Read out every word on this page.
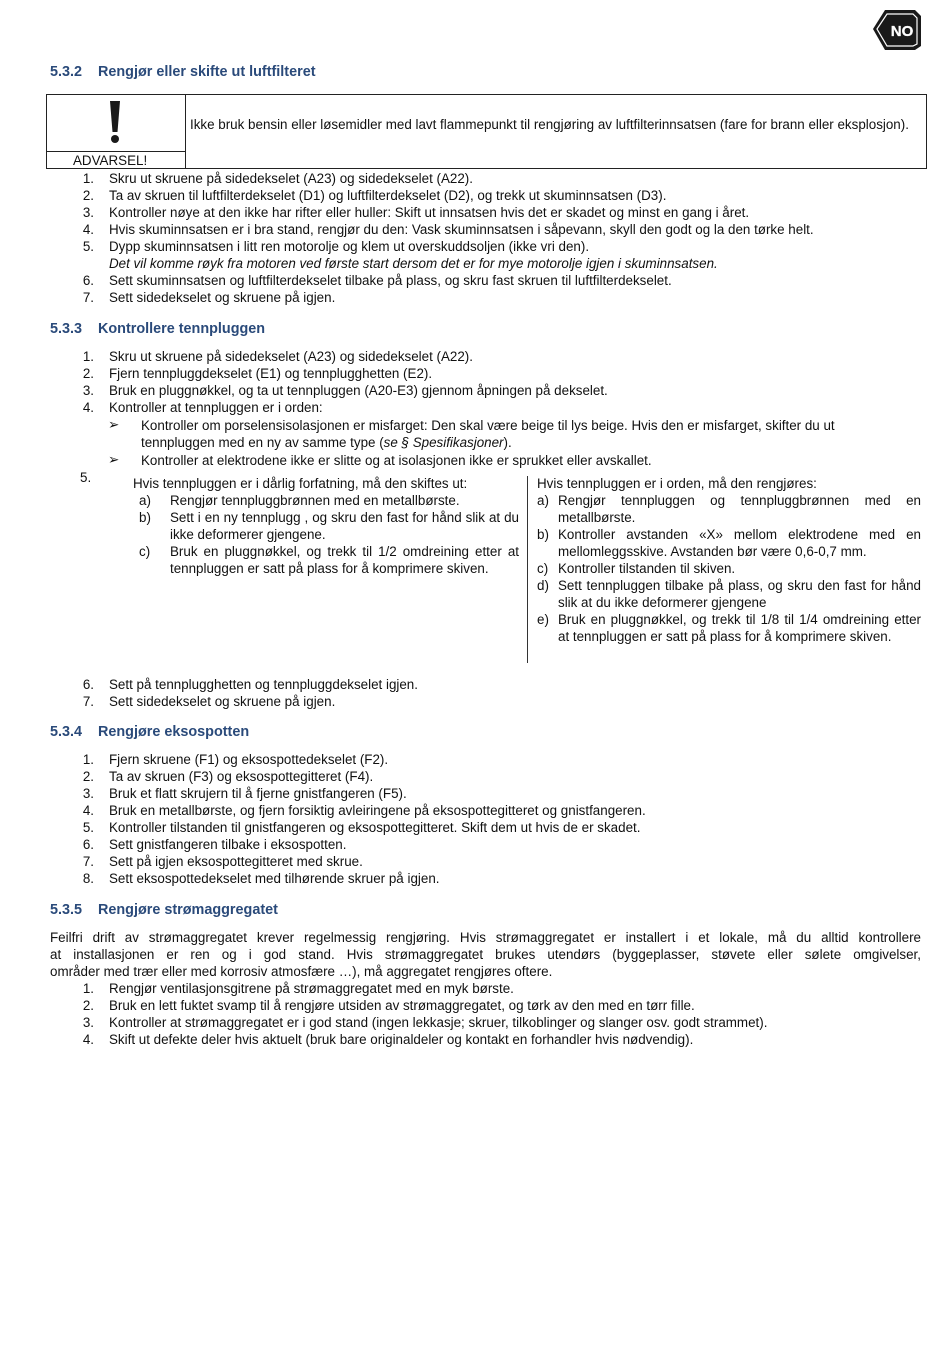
NO
5.3.2 Rengjør eller skifte ut luftfilteret
ADVARSEL!
Ikke bruk bensin eller løsemidler med lavt flammepunkt til rengjøring av luftfilterinnsatsen (fare for brann eller eksplosjon).
1. Skru ut skruene på sidedekselet (A23) og sidedekselet (A22).
2. Ta av skruen til luftfilterdekselet (D1) og luftfilterdekselet (D2), og trekk ut skuminnsatsen (D3).
3. Kontroller nøye at den ikke har rifter eller huller: Skift ut innsatsen hvis det er skadet og minst en gang i året.
4. Hvis skuminnsatsen er i bra stand, rengjør du den: Vask skuminnsatsen i såpevann, skyll den godt og la den tørke helt.
5. Dypp skuminnsatsen i litt ren motorolje og klem ut overskuddsoljen (ikke vri den).
Det vil komme røyk fra motoren ved første start dersom det er for mye motorolje igjen i skuminnsatsen.
6. Sett skuminnsatsen og luftfilterdekselet tilbake på plass, og skru fast skruen til luftfilterdekselet.
7. Sett sidedekselet og skruene på igjen.
5.3.3 Kontrollere tennpluggen
1. Skru ut skruene på sidedekselet (A23) og sidedekselet (A22).
2. Fjern tennpluggdekselet (E1) og tennplugghetten (E2).
3. Bruk en pluggnøkkel, og ta ut tennpluggen (A20-E3) gjennom åpningen på dekselet.
4. Kontroller at tennpluggen er i orden:
➢ Kontroller om porselensisolasjonen er misfarget: Den skal være beige til lys beige. Hvis den er misfarget, skifter du ut
tennpluggen med en ny av samme type (se § Spesifikasjoner).
➢ Kontroller at elektrodene ikke er slitte og at isolasjonen ikke er sprukket eller avskallet.
5.	Hvis tennpluggen er i dårlig forfatning, må den skiftes ut:
a) Rengjør tennpluggbrønnen med en metallbørste.
b) Sett i en ny tennplugg , og skru den fast for hånd slik at du ikke deformerer gjengene.
c) Bruk en pluggnøkkel, og trekk til 1/2 omdreining etter at tennpluggen er satt på plass for å komprimere skiven.
Hvis tennpluggen er i orden, må den rengjøres:
a) Rengjør tennpluggen og tennpluggbrønnen med en metallbørste.
b) Kontroller avstanden «X» mellom elektrodene med en mellomleggsskive. Avstanden bør være 0,6-0,7 mm.
c) Kontroller tilstanden til skiven.
d) Sett tennpluggen tilbake på plass, og skru den fast for hånd slik at du ikke deformerer gjengene
e) Bruk en pluggnøkkel, og trekk til 1/8 til 1/4 omdreining etter at tennpluggen er satt på plass for å komprimere skiven.
6. Sett på tennplugghetten og tennpluggdekselet igjen.
7. Sett sidedekselet og skruene på igjen.
5.3.4 Rengjøre eksospotten
1. Fjern skruene (F1) og eksospottedekselet (F2).
2. Ta av skruen (F3) og eksospottegitteret (F4).
3. Bruk et flatt skrujern til å fjerne gnistfangeren (F5).
4. Bruk en metallbørste, og fjern forsiktig avleiringene på eksospottegitteret og gnistfangeren.
5. Kontroller tilstanden til gnistfangeren og eksospottegitteret. Skift dem ut hvis de er skadet.
6. Sett gnistfangeren tilbake i eksospotten.
7. Sett på igjen eksospottegitteret med skrue.
8. Sett eksospottedekselet med tilhørende skruer på igjen.
5.3.5 Rengjøre strømaggregatet
Feilfri drift av strømaggregatet krever regelmessig rengjøring. Hvis strømaggregatet er installert i et lokale, må du alltid kontrollere
at installasjonen er ren og i god stand. Hvis strømaggregatet brukes utendørs (byggeplasser, støvete eller sølete omgivelser,
områder med trær eller med korrosiv atmosfære …), må aggregatet rengjøres oftere.
1. Rengjør ventilasjonsgitrene på strømaggregatet med en myk børste.
2. Bruk en lett fuktet svamp til å rengjøre utsiden av strømaggregatet, og tørk av den med en tørr fille.
3. Kontroller at strømaggregatet er i god stand (ingen lekkasje; skruer, tilkoblinger og slanger osv. godt strammet).
4. Skift ut defekte deler hvis aktuelt (bruk bare originaldeler og kontakt en forhandler hvis nødvendig).
